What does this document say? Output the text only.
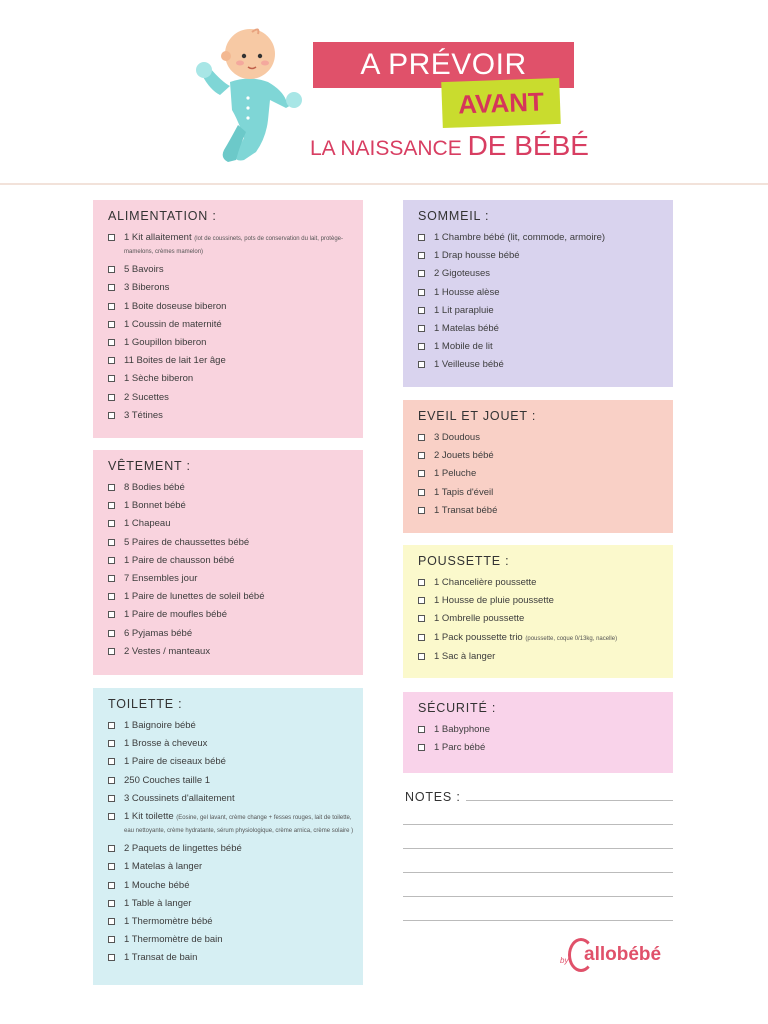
A PRÉVOIR
AVANT
LA NAISSANCE DE BÉBÉ
ALIMENTATION :
1 Kit allaitement (lot de coussinets, pots de conservation du lait, protège-mamelons, crèmes mamelon)
5 Bavoirs
3 Biberons
1 Boite doseuse biberon
1 Coussin de maternité
1 Goupillon biberon
11 Boites de lait 1er âge
1 Sèche biberon
2 Sucettes
3 Tétines
VÊTEMENT :
8 Bodies bébé
1 Bonnet bébé
1 Chapeau
5 Paires de chaussettes bébé
1 Paire de chausson bébé
7 Ensembles jour
1 Paire de lunettes de soleil bébé
1 Paire de moufles bébé
6 Pyjamas bébé
2 Vestes / manteaux
TOILETTE :
1 Baignoire bébé
1 Brosse à cheveux
1 Paire de ciseaux bébé
250 Couches taille 1
3 Coussinets d'allaitement
1 Kit toilette (Eosine, gel lavant, crème change + fesses rouges, lait de toilette, eau nettoyante, crème hydratante, sérum physiologique, crème arnica, crème solaire )
2 Paquets de lingettes bébé
1 Matelas à langer
1 Mouche bébé
1 Table à langer
1 Thermomètre bébé
1 Thermomètre de bain
1 Transat de bain
SOMMEIL :
1 Chambre bébé (lit, commode, armoire)
1 Drap housse bébé
2 Gigoteuses
1 Housse alèse
1 Lit parapluie
1 Matelas bébé
1 Mobile de lit
1 Veilleuse bébé
EVEIL ET JOUET :
3 Doudous
2 Jouets bébé
1 Peluche
1 Tapis d'éveil
1 Transat bébé
POUSSETTE :
1 Chancelière poussette
1 Housse de pluie poussette
1 Ombrelle poussette
1 Pack poussette trio (poussette, coque 0/13kg, nacelle)
1 Sac à langer
SÉCURITÉ :
1 Babyphone
1 Parc bébé
NOTES :
by allobébé
